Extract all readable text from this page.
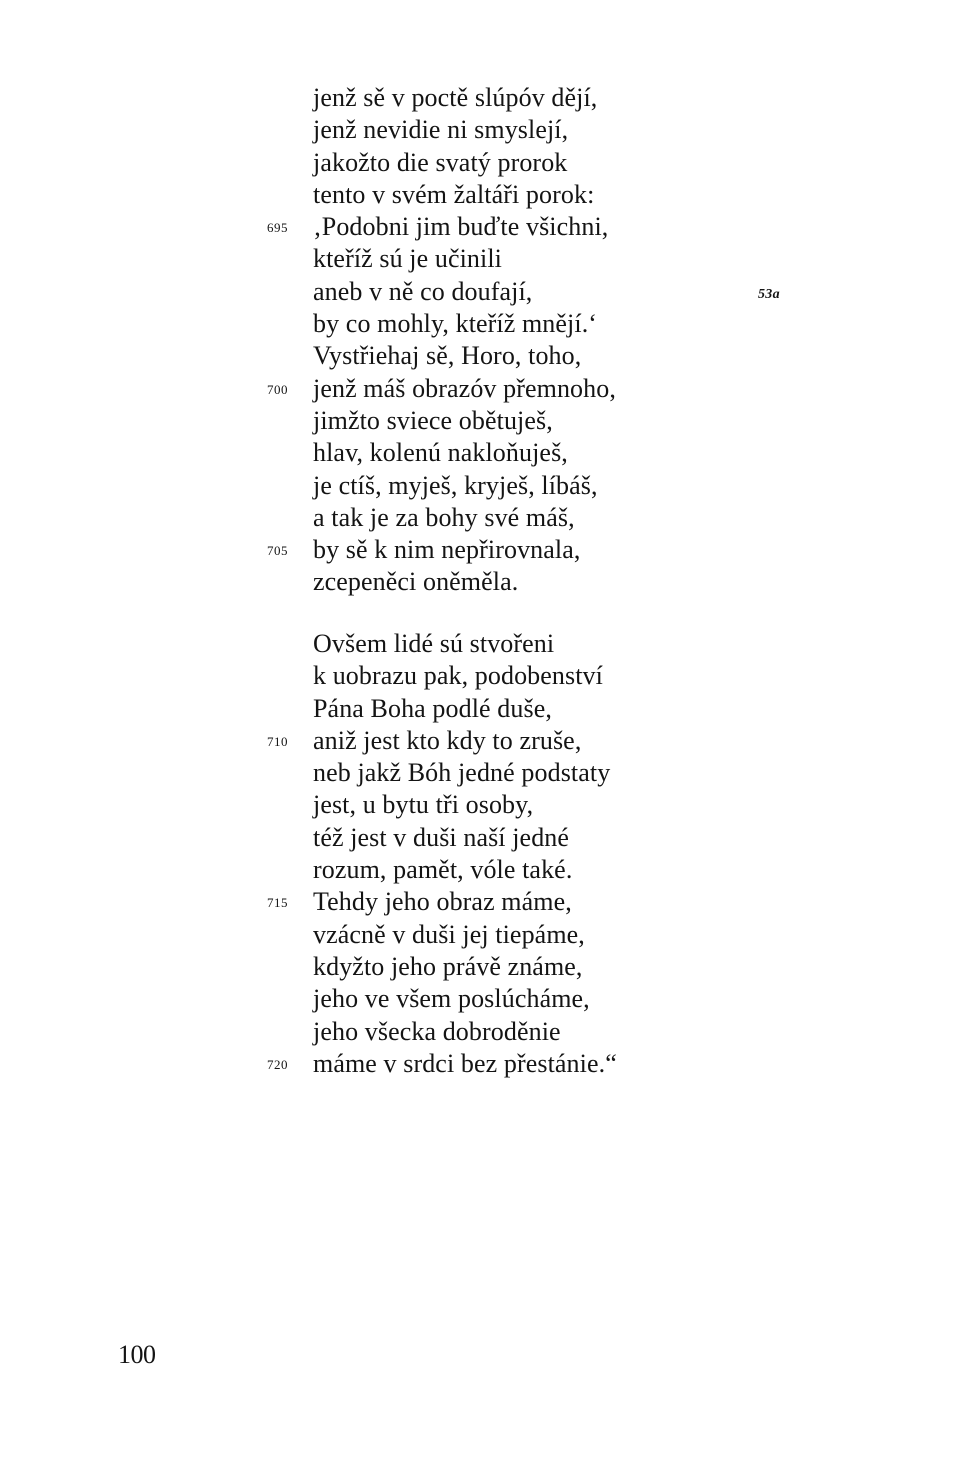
jenž sě v poctě slúpóv dějí,
jenž nevidie ni smyslejí,
jakožto die svatý prorok
tento v svém žaltáři porok:
695 ‚Podobni jim buďte všichni,
kteříž sú je učinili
aneb v ně co doufají,
by co mohly, kteříž mnějí.‘
Vystřiehaj sě, Horo, toho,
700 jenž máš obrazóv přemnoho,
jimžto sviece obětuješ,
hlav, kolenú nakloňuješ,
je ctíš, myješ, kryješ, líbáš,
a tak je za bohy své máš,
705 by sě k nim nepřirovnala,
zcepeněci oněměla.
Ovšem lidé sú stvořeni
k uobrazu pak, podobenství
Pána Boha podlé duše,
710 aniž jest kto kdy to zruše,
neb jakž Bóh jedné podstaty
jest, u bytu tři osoby,
též jest v duši naší jedné
rozum, pamět, vóle také.
715 Tehdy jeho obraz máme,
vzácně v duši jej tiepáme,
kdyžto jeho právě známe,
jeho ve všem poslúcháme,
jeho všecka dobroděnie
720 máme v srdci bez přestánie.“
53a
100
